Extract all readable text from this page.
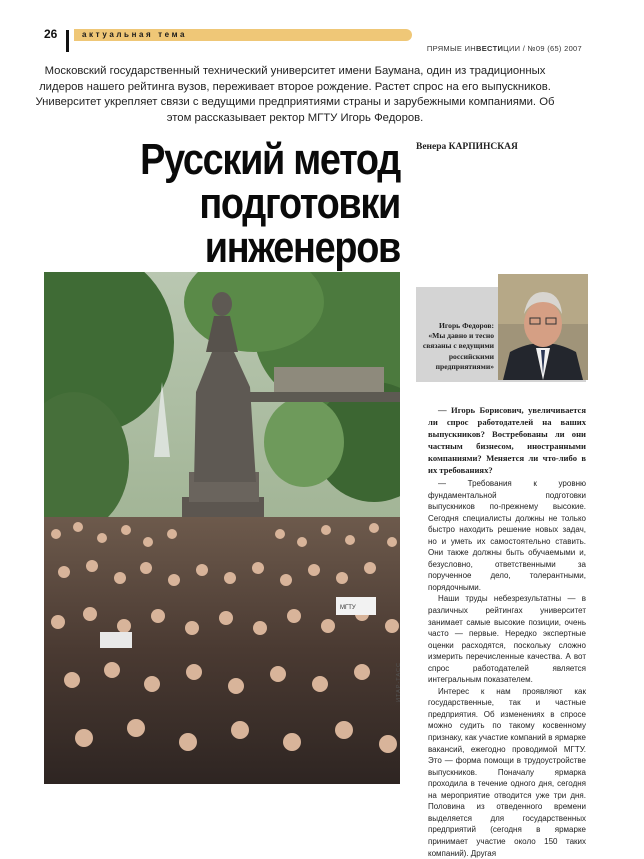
26	актуальная тема
ПРЯМЫЕ ИНВЕСТИЦИИ / №09 (65) 2007
Московский государственный технический университет имени Баумана, один из традиционных лидеров нашего рейтинга вузов, переживает второе рождение. Растет спрос на его выпускников. Университет укрепляет связи с ведущими предприятиями страны и зарубежными компаниями. Об этом рассказывает ректор МГТУ Игорь Федоров.
Русский метод
подготовки
инженеров
Венера КАРПИНСКАЯ
МГТУ
ИТАР-ТАСС
Игорь Федоров:
«Мы давно и тесно связаны с ведущими российскими предприятиями»

— Игорь Борисович, увеличивается ли спрос работодателей на ваших выпускников? Востребованы ли они частным бизнесом, иностранными компаниями? Меняется ли что-либо в их требованиях?

— Требования к уровню фундаментальной подготовки выпускников по-прежнему высокие. Сегодня специалисты должны не только быстро находить решение новых задач, но и уметь их самостоятельно ставить. Они также должны быть обучаемыми и, безусловно, ответственными за порученное дело, толерантными, порядочными.

Наши труды небезрезультатны — в различных рейтингах университет занимает самые высокие позиции, очень часто — первые. Нередко экспертные оценки расходятся, поскольку сложно измерить перечисленные качества. А вот спрос работодателей является интегральным показателем.

Интерес к нам проявляют как государственные, так и частные предприятия. Об изменениях в спросе можно судить по такому косвенному признаку, как участие компаний в ярмарке вакансий, ежегодно проводимой МГТУ. Это — форма помощи в трудоустройстве выпускников. Поначалу ярмарка проходила в течение одного дня, сегодня на мероприятие отводится уже три дня. Половина из отведенного времени выделяется для государственных предприятий (сегодня в ярмарке принимает участие около 150 таких компаний). Другая
